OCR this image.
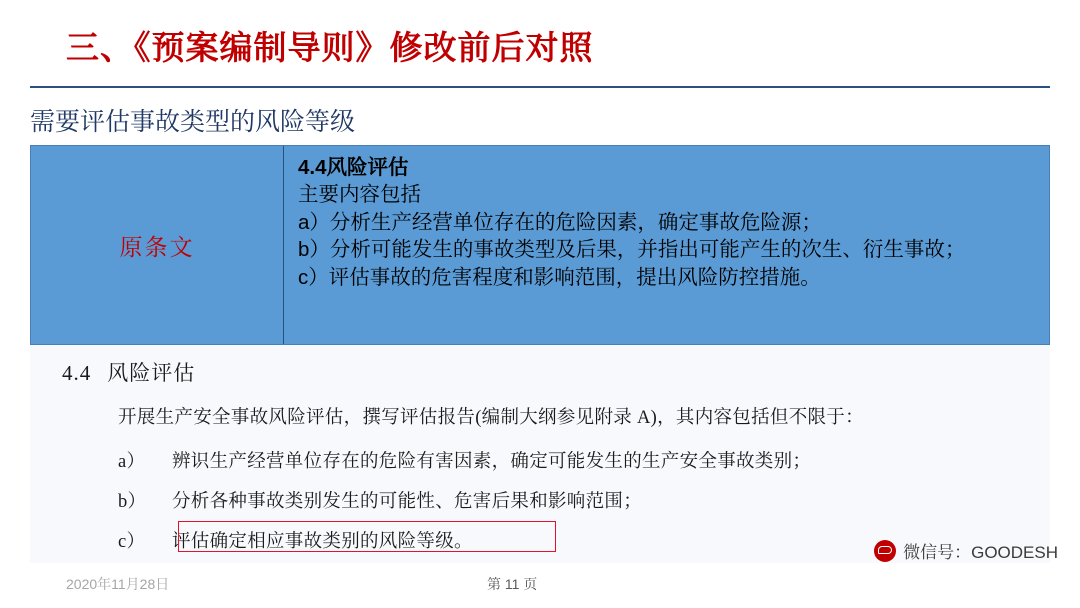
三、《预案编制导则》修改前后对照
需要评估事故类型的风险等级
原条文
4.4风险评估
主要内容包括
a）分析生产经营单位存在的危险因素，确定事故危险源；
b）分析可能发生的事故类型及后果，并指出可能产生的次生、衍生事故；
c）评估事故的危害程度和影响范围，提出风险防控措施。
4.4 风险评估
开展生产安全事故风险评估，撰写评估报告(编制大纲参见附录 A)，其内容包括但不限于：
a） 辨识生产经营单位存在的危险有害因素，确定可能发生的生产安全事故类别；
b） 分析各种事故类别发生的可能性、危害后果和影响范围；
c） 评估确定相应事故类别的风险等级。
2020年11月28日	第 11 页
微信号：GOODESH
